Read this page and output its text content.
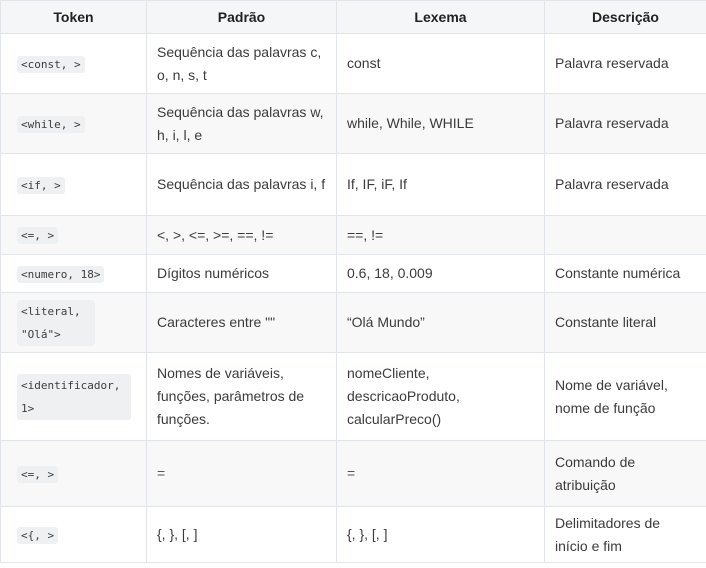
Token	Padrão	Lexema	Descrição
<const, >	Sequência das palavras c, o, n, s, t	const	Palavra reservada
<while, >	Sequência das palavras w, h, i, l, e	while, While, WHILE	Palavra reservada
<if, >	Sequência das palavras i, f	If, IF, iF, If	Palavra reservada
<=, >	<, >, <=, >=, ==, !=	==, !=	
<numero, 18>	Dígitos numéricos	0.6, 18, 0.009	Constante numérica
<literal, "Olá">	Caracteres entre ""	“Olá Mundo”	Constante literal
<identificador, 1>	Nomes de variáveis, funções, parâmetros de funções.	nomeCliente, descricaoProduto, calcularPreco()	Nome de variável, nome de função
<=, >	=	=	Comando de atribuição
<{, >	{, }, [, ]	{, }, [, ]	Delimitadores de início e fim
